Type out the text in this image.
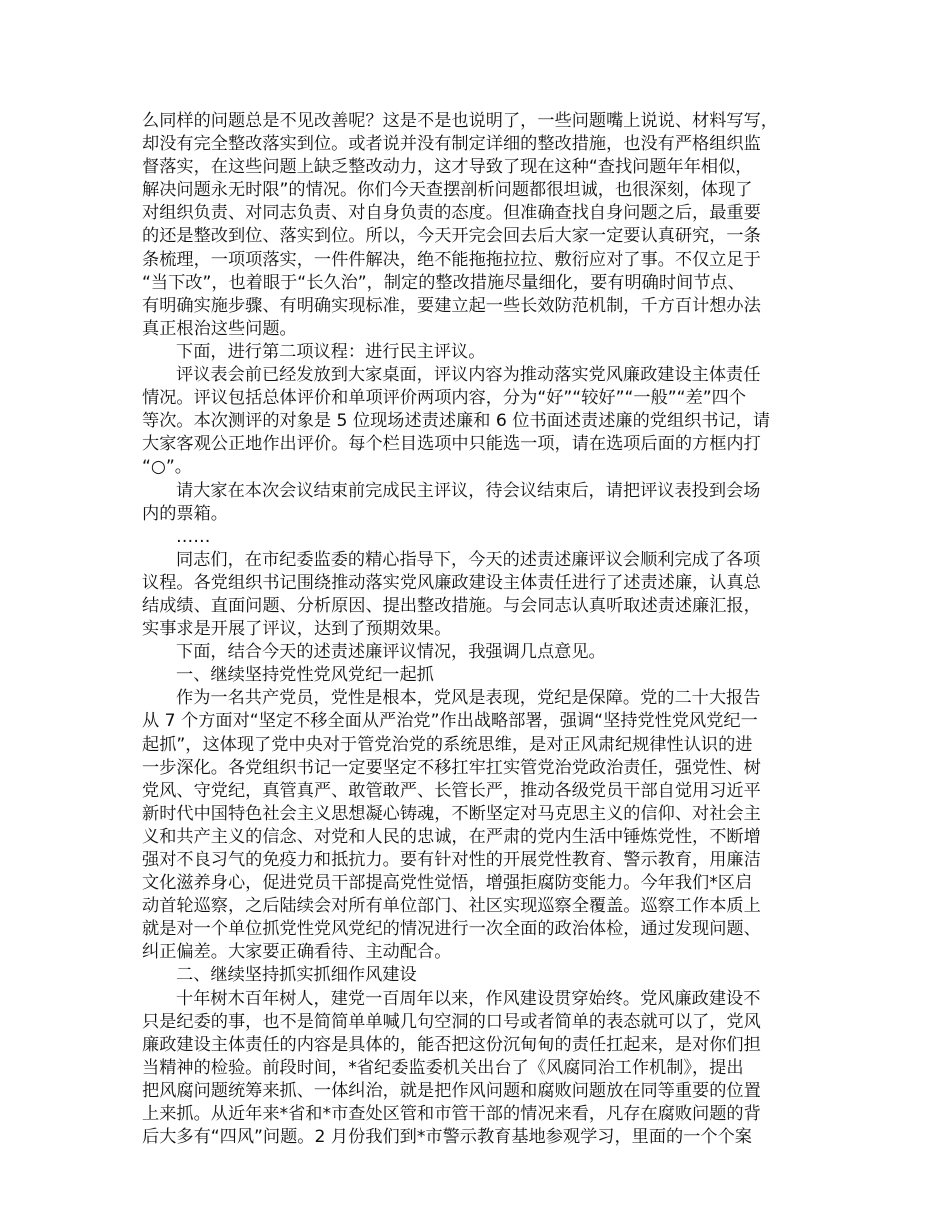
么同样的问题总是不见改善呢？这是不是也说明了，一些问题嘴上说说、材料写写，
却没有完全整改落实到位。或者说并没有制定详细的整改措施，也没有严格组织监
督落实，在这些问题上缺乏整改动力，这才导致了现在这种“查找问题年年相似，
解决问题永无时限”的情况。你们今天查摆剖析问题都很坦诚，也很深刻，体现了
对组织负责、对同志负责、对自身负责的态度。但准确查找自身问题之后，最重要
的还是整改到位、落实到位。所以，今天开完会回去后大家一定要认真研究，一条
条梳理，一项项落实，一件件解决，绝不能拖拖拉拉、敷衍应对了事。不仅立足于
“当下改”，也着眼于“长久治”，制定的整改措施尽量细化，要有明确时间节点、
有明确实施步骤、有明确实现标准，要建立起一些长效防范机制，千方百计想办法
真正根治这些问题。
下面，进行第二项议程：进行民主评议。
评议表会前已经发放到大家桌面，评议内容为推动落实党风廉政建设主体责任
情况。评议包括总体评价和单项评价两项内容，分为“好”“较好”“一般”“差”四个
等次。本次测评的对象是 5 位现场述责述廉和 6 位书面述责述廉的党组织书记，请
大家客观公正地作出评价。每个栏目选项中只能选一项，请在选项后面的方框内打
“○”。
请大家在本次会议结束前完成民主评议，待会议结束后，请把评议表投到会场
内的票箱。
……
同志们，在市纪委监委的精心指导下，今天的述责述廉评议会顺利完成了各项
议程。各党组织书记围绕推动落实党风廉政建设主体责任进行了述责述廉，认真总
结成绩、直面问题、分析原因、提出整改措施。与会同志认真听取述责述廉汇报，
实事求是开展了评议，达到了预期效果。
下面，结合今天的述责述廉评议情况，我强调几点意见。
一、继续坚持党性党风党纪一起抓
作为一名共产党员，党性是根本，党风是表现，党纪是保障。党的二十大报告
从 7 个方面对“坚定不移全面从严治党”作出战略部署，强调“坚持党性党风党纪一
起抓”，这体现了党中央对于管党治党的系统思维，是对正风肃纪规律性认识的进
一步深化。各党组织书记一定要坚定不移扛牢扛实管党治党政治责任，强党性、树
党风、守党纪，真管真严、敢管敢严、长管长严，推动各级党员干部自觉用习近平
新时代中国特色社会主义思想凝心铸魂，不断坚定对马克思主义的信仰、对社会主
义和共产主义的信念、对党和人民的忠诚，在严肃的党内生活中锤炼党性，不断增
强对不良习气的免疫力和抵抗力。要有针对性的开展党性教育、警示教育，用廉洁
文化滋养身心，促进党员干部提高党性觉悟，增强拒腐防变能力。今年我们*区启
动首轮巡察，之后陆续会对所有单位部门、社区实现巡察全覆盖。巡察工作本质上
就是对一个单位抓党性党风党纪的情况进行一次全面的政治体检，通过发现问题、
纠正偏差。大家要正确看待、主动配合。
二、继续坚持抓实抓细作风建设
十年树木百年树人，建党一百周年以来，作风建设贯穿始终。党风廉政建设不
只是纪委的事，也不是简简单单喊几句空洞的口号或者简单的表态就可以了，党风
廉政建设主体责任的内容是具体的，能否把这份沉甸甸的责任扛起来，是对你们担
当精神的检验。前段时间，*省纪委监委机关出台了《风腐同治工作机制》，提出
把风腐问题统筹来抓、一体纠治，就是把作风问题和腐败问题放在同等重要的位置
上来抓。从近年来*省和*市查处区管和市管干部的情况来看，凡存在腐败问题的背
后大多有“四风”问题。2 月份我们到*市警示教育基地参观学习，里面的一个个案
